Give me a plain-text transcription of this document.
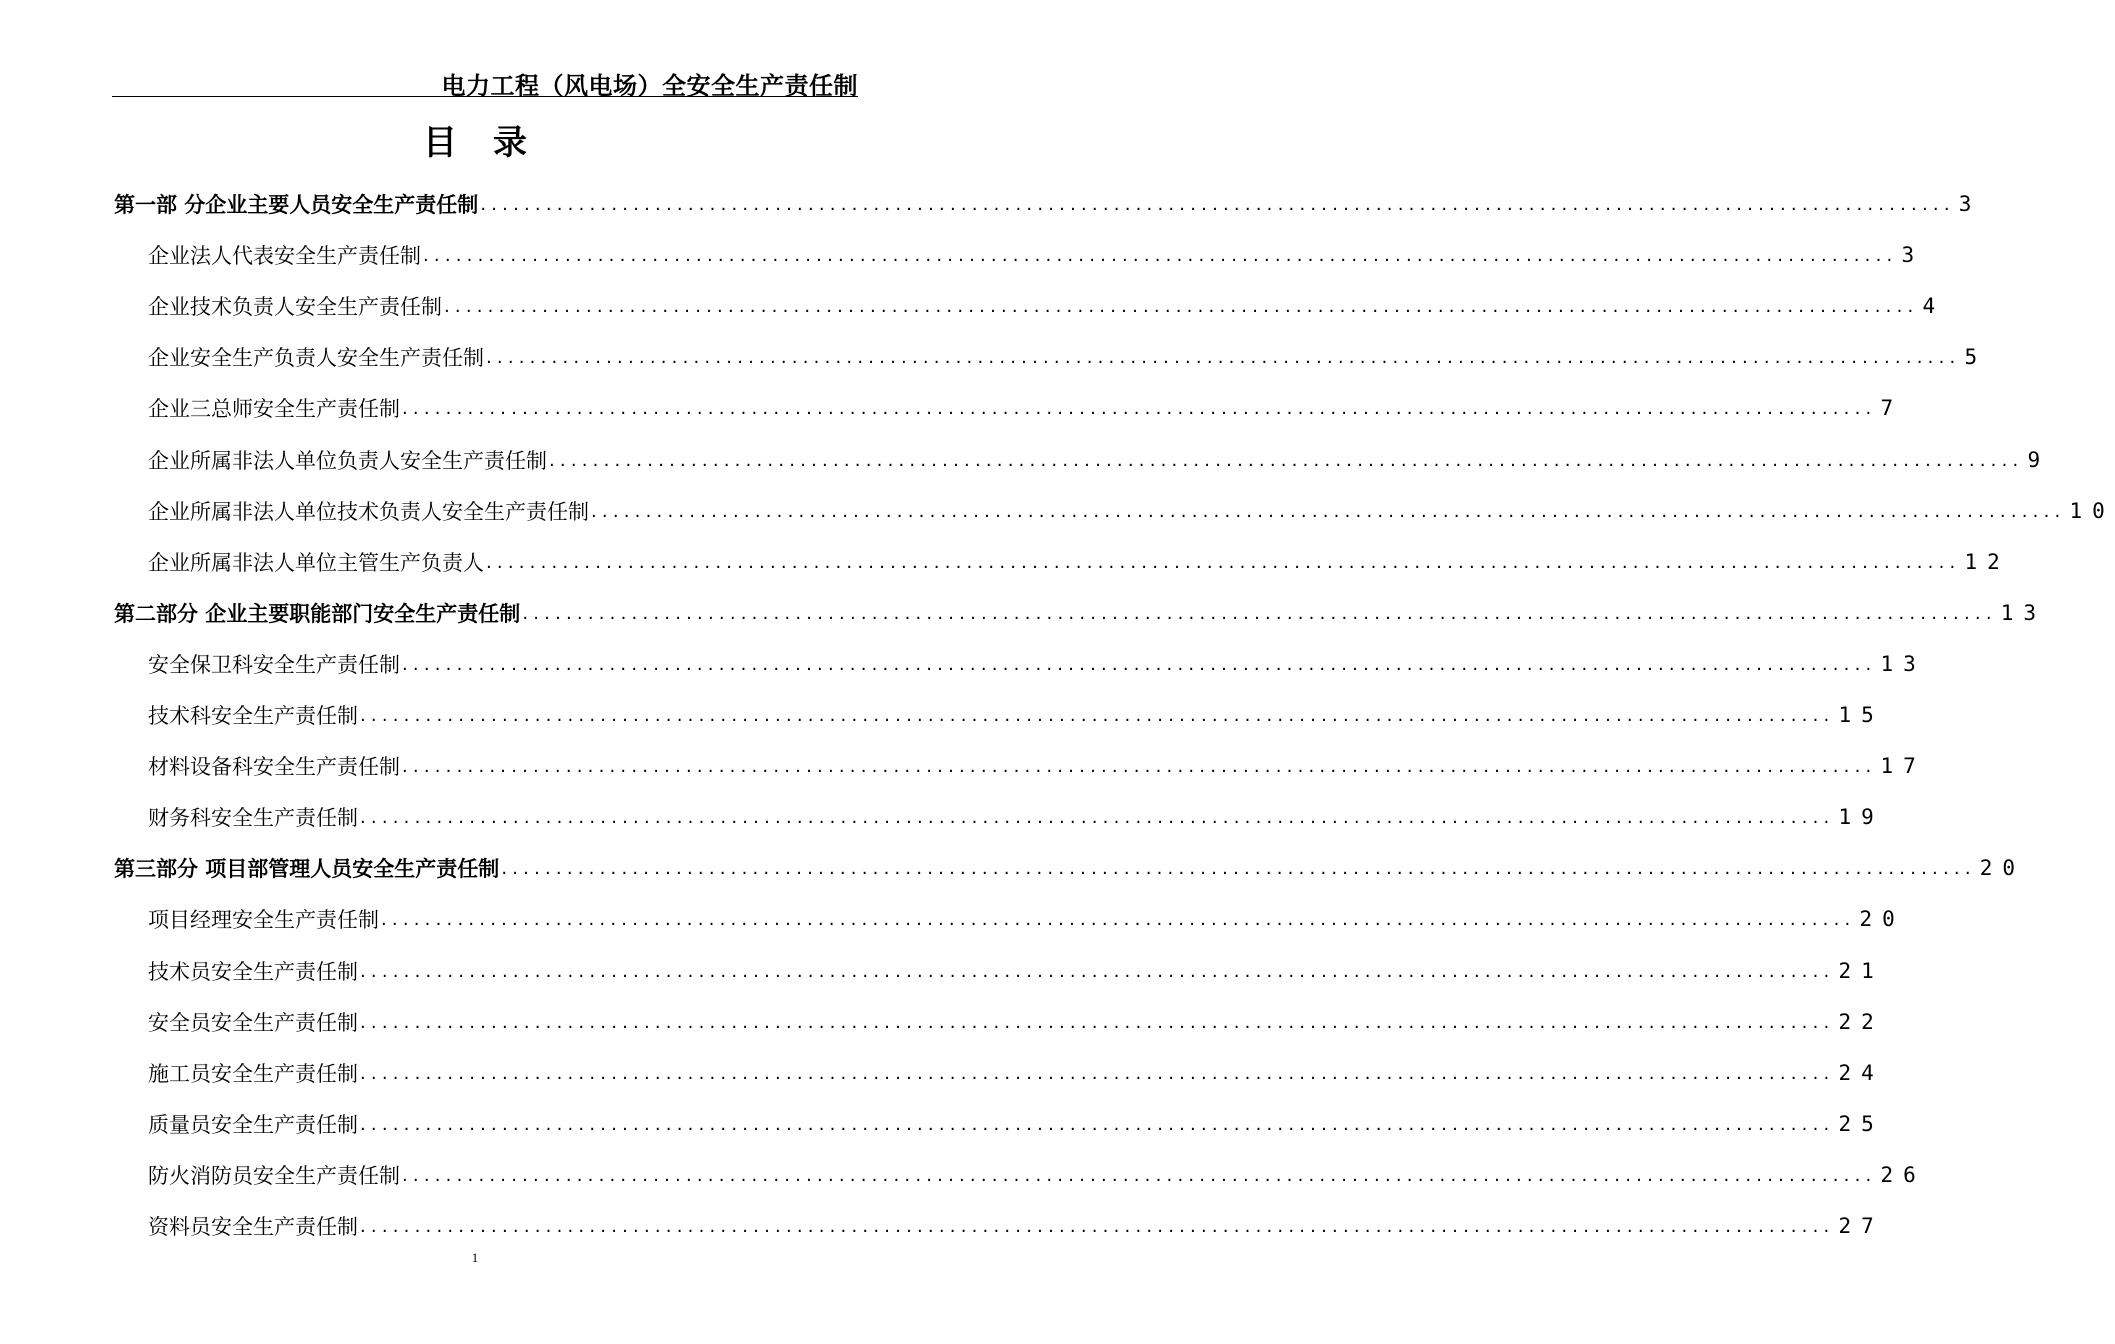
电力工程（风电场）全安全生产责任制
目录
第一部 分企业主要人员安全生产责任制 .....	3
企业法人代表安全生产责任制 .....	3
企业技术负责人安全生产责任制 .....	4
企业安全生产负责人安全生产责任制 .....	5
企业三总师安全生产责任制 .....	7
企业所属非法人单位负责人安全生产责任制 .....	9
企业所属非法人单位技术负责人安全生产责任制 .....	10
企业所属非法人单位主管生产负责人 .....	12
第二部分 企业主要职能部门安全生产责任制 .....	13
安全保卫科安全生产责任制 .....	13
技术科安全生产责任制 .....	15
材料设备科安全生产责任制 .....	17
财务科安全生产责任制 .....	19
第三部分 项目部管理人员安全生产责任制 .....	20
项目经理安全生产责任制 .....	20
技术员安全生产责任制 .....	21
安全员安全生产责任制 .....	22
施工员安全生产责任制 .....	24
质量员安全生产责任制 .....	25
防火消防员安全生产责任制 .....	26
资料员安全生产责任制 .....	27
1
